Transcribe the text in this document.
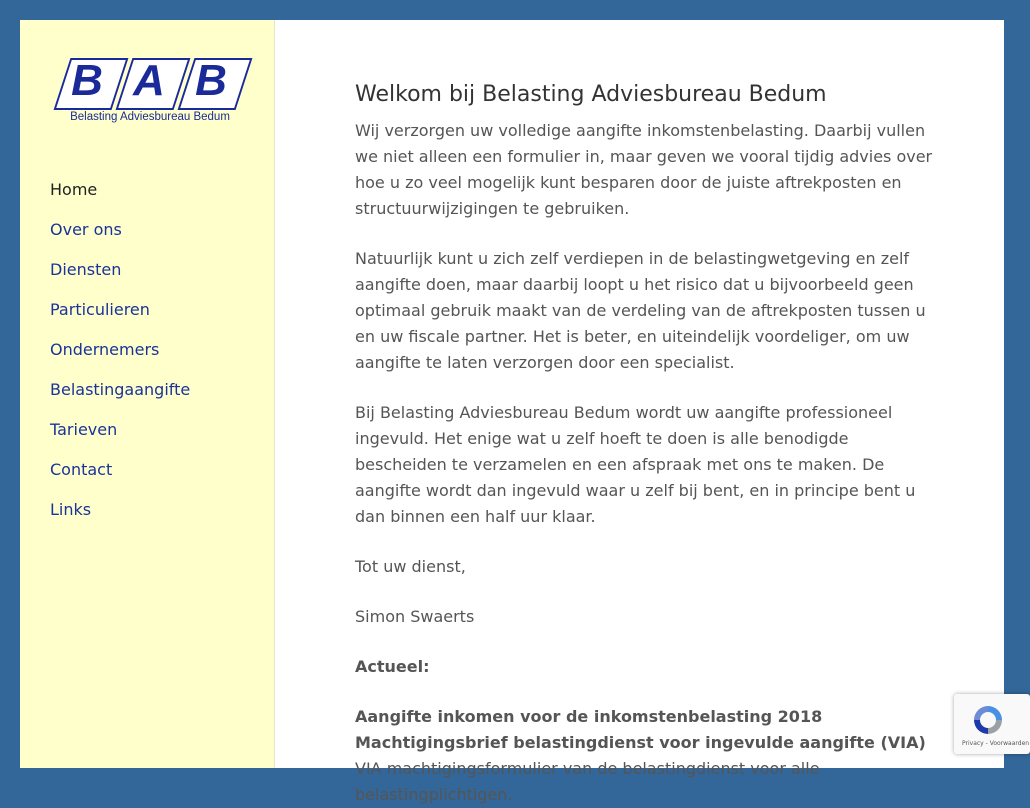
B A B
Belasting Adviesbureau Bedum
Home
Over ons
Diensten
Particulieren
Ondernemers
Belastingaangifte
Tarieven
Contact
Links
Welkom bij Belasting Adviesbureau Bedum

Wij verzorgen uw volledige aangifte inkomstenbelasting. Daarbij vullen we niet alleen een formulier in, maar geven we vooral tijdig advies over hoe u zo veel mogelijk kunt besparen door de juiste aftrekposten en structuurwijzigingen te gebruiken.

Natuurlijk kunt u zich zelf verdiepen in de belastingwetgeving en zelf aangifte doen, maar daarbij loopt u het risico dat u bijvoorbeeld geen optimaal gebruik maakt van de verdeling van de aftrekposten tussen u en uw fiscale partner. Het is beter, en uiteindelijk voordeliger, om uw aangifte te laten verzorgen door een specialist.

Bij Belasting Adviesbureau Bedum wordt uw aangifte professioneel ingevuld. Het enige wat u zelf hoeft te doen is alle benodigde bescheiden te verzamelen en een afspraak met ons te maken. De aangifte wordt dan ingevuld waar u zelf bij bent, en in principe bent u dan binnen een half uur klaar.

Tot uw dienst,

Simon Swaerts

Actueel:

Aangifte inkomen voor de inkomstenbelasting 2018
Machtigingsbrief belastingdienst voor ingevulde aangifte (VIA)
VIA machtigingsformulier van de belastingdienst voor alle belastingplichtigen.
Privacy - Voorwaarden
